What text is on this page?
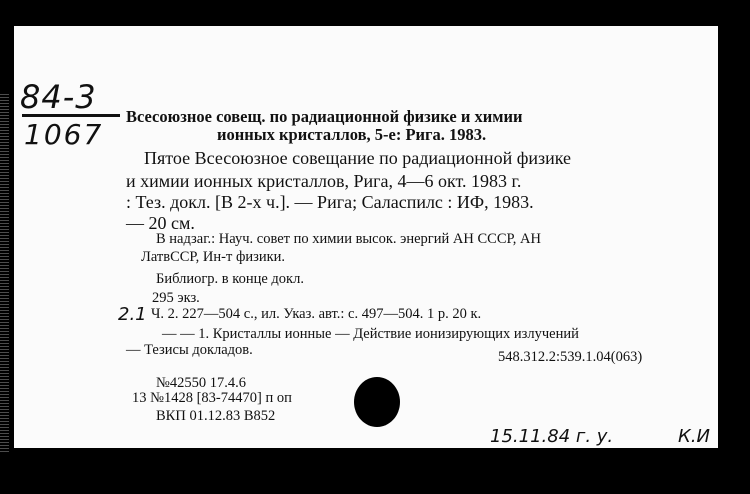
84-3
1067
Всесоюзное совещ. по радиационной физике и химии
ионных кристаллов, 5-е: Рига. 1983.
Пятое Всесоюзное совещание по радиационной физике
и химии ионных кристаллов, Рига, 4—6 окт. 1983 г.
: Тез. докл. [В 2-х ч.]. — Рига; Саласпилс : ИФ, 1983.
— 20 см.
В надзаг.: Науч. совет по химии высок. энергий АН СССР, АН
ЛатвССР, Ин-т физики.
Библиогр. в конце докл.
295 экз.
Ч. 2. 227—504 с., ил. Указ. авт.: с. 497—504. 1 р. 20 к.
— — 1. Кристаллы ионные — Действие ионизирующих излучений
— Тезисы докладов.
2.1
548.312.2:539.1.04(063)
№42550 17.4.6
13 №1428 [83-74470] п оп
ВКП 01.12.83 В852
15.11.84 г. у.	К.И
